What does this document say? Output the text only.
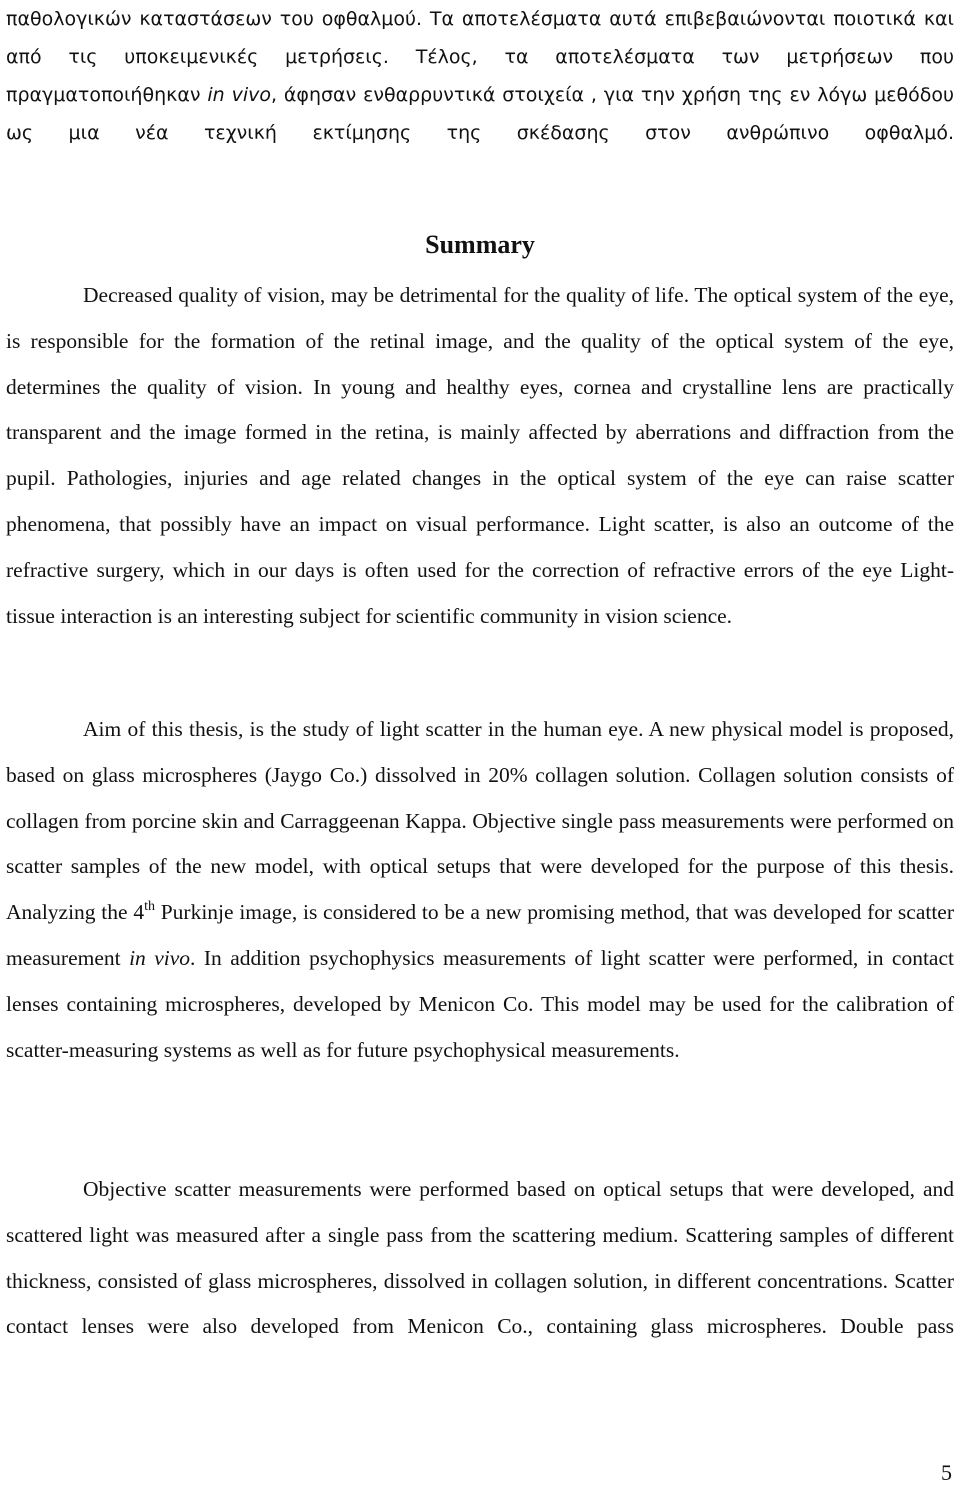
παθολογικών καταστάσεων του οφθαλμού. Τα αποτελέσματα αυτά επιβεβαιώνονται ποιοτικά και από τις υποκειμενικές μετρήσεις. Τέλος, τα αποτελέσματα των μετρήσεων που πραγματοποιήθηκαν in vivo, άφησαν ενθαρρυντικά στοιχεία , για την χρήση της εν λόγω μεθόδου ως μια νέα τεχνική εκτίμησης της σκέδασης στον ανθρώπινο οφθαλμό.

Summary

Decreased quality of vision, may be detrimental for the quality of life. The optical system of the eye, is responsible for the formation of the retinal image, and the quality of the optical system of the eye, determines the quality of vision. In young and healthy eyes, cornea and crystalline lens are practically transparent and the image formed in the retina, is mainly affected by aberrations and diffraction from the pupil. Pathologies, injuries and age related changes in the optical system of the eye can raise scatter phenomena, that possibly have an impact on visual performance. Light scatter, is also an outcome of the refractive surgery, which in our days is often used for the correction of refractive errors of the eye Light-tissue interaction is an interesting subject for scientific community in vision science.

Aim of this thesis, is the study of light scatter in the human eye. A new physical model is proposed, based on glass microspheres (Jaygo Co.) dissolved in 20% collagen solution. Collagen solution consists of collagen from porcine skin and Carraggeenan Kappa. Objective single pass measurements were performed on scatter samples of the new model, with optical setups that were developed for the purpose of this thesis. Analyzing the 4th Purkinje image, is considered to be a new promising method, that was developed for scatter measurement in vivo. In addition psychophysics measurements of light scatter were performed, in contact lenses containing microspheres, developed by Menicon Co. This model may be used for the calibration of scatter-measuring systems as well as for future psychophysical measurements.

Objective scatter measurements were performed based on optical setups that were developed, and scattered light was measured after a single pass from the scattering medium. Scattering samples of different thickness, consisted of glass microspheres, dissolved in collagen solution, in different concentrations. Scatter contact lenses were also developed from Menicon Co., containing glass microspheres. Double pass

5
